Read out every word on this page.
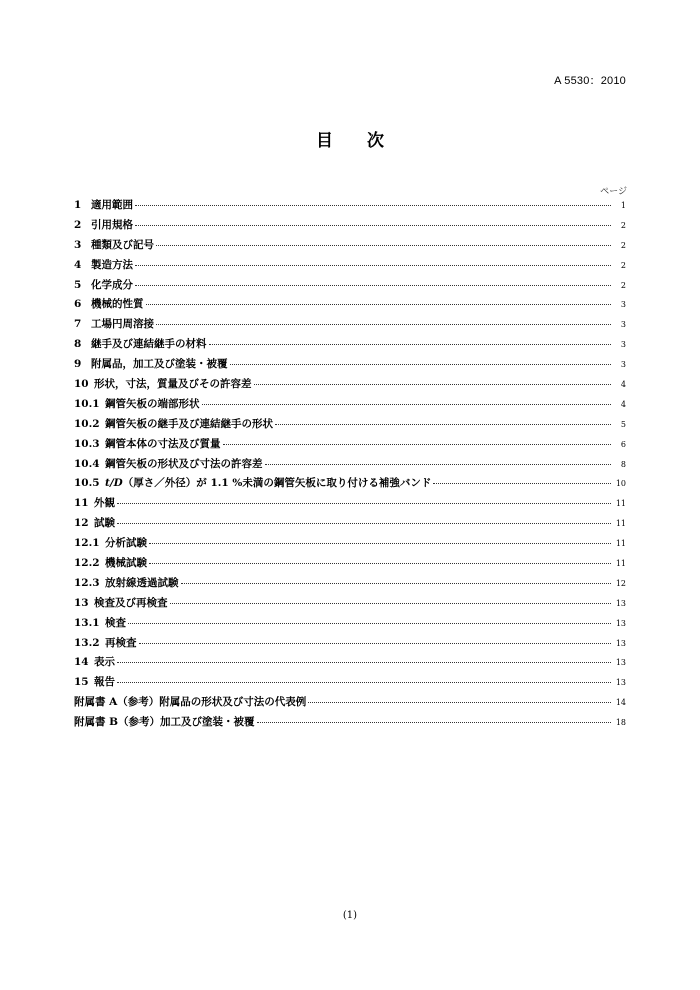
A 5530：2010
目 次
ページ
1 適用範囲	1
2 引用規格	2
3 種類及び記号	2
4 製造方法	2
5 化学成分	2
6 機械的性質	3
7 工場円周溶接	3
8 継手及び連結継手の材料	3
9 附属品，加工及び塗装・被覆	3
10 形状，寸法，質量及びその許容差	4
10.1 鋼管矢板の端部形状	4
10.2 鋼管矢板の継手及び連結継手の形状	5
10.3 鋼管本体の寸法及び質量	6
10.4 鋼管矢板の形状及び寸法の許容差	8
10.5 t/D（厚さ／外径）が 1.1 %未満の鋼管矢板に取り付ける補強バンド	10
11 外観	11
12 試験	11
12.1 分析試験	11
12.2 機械試験	11
12.3 放射線透過試験	12
13 検査及び再検査	13
13.1 検査	13
13.2 再検査	13
14 表示	13
15 報告	13
附属書 A（参考）附属品の形状及び寸法の代表例	14
附属書 B（参考）加工及び塗装・被覆	18
(1)
